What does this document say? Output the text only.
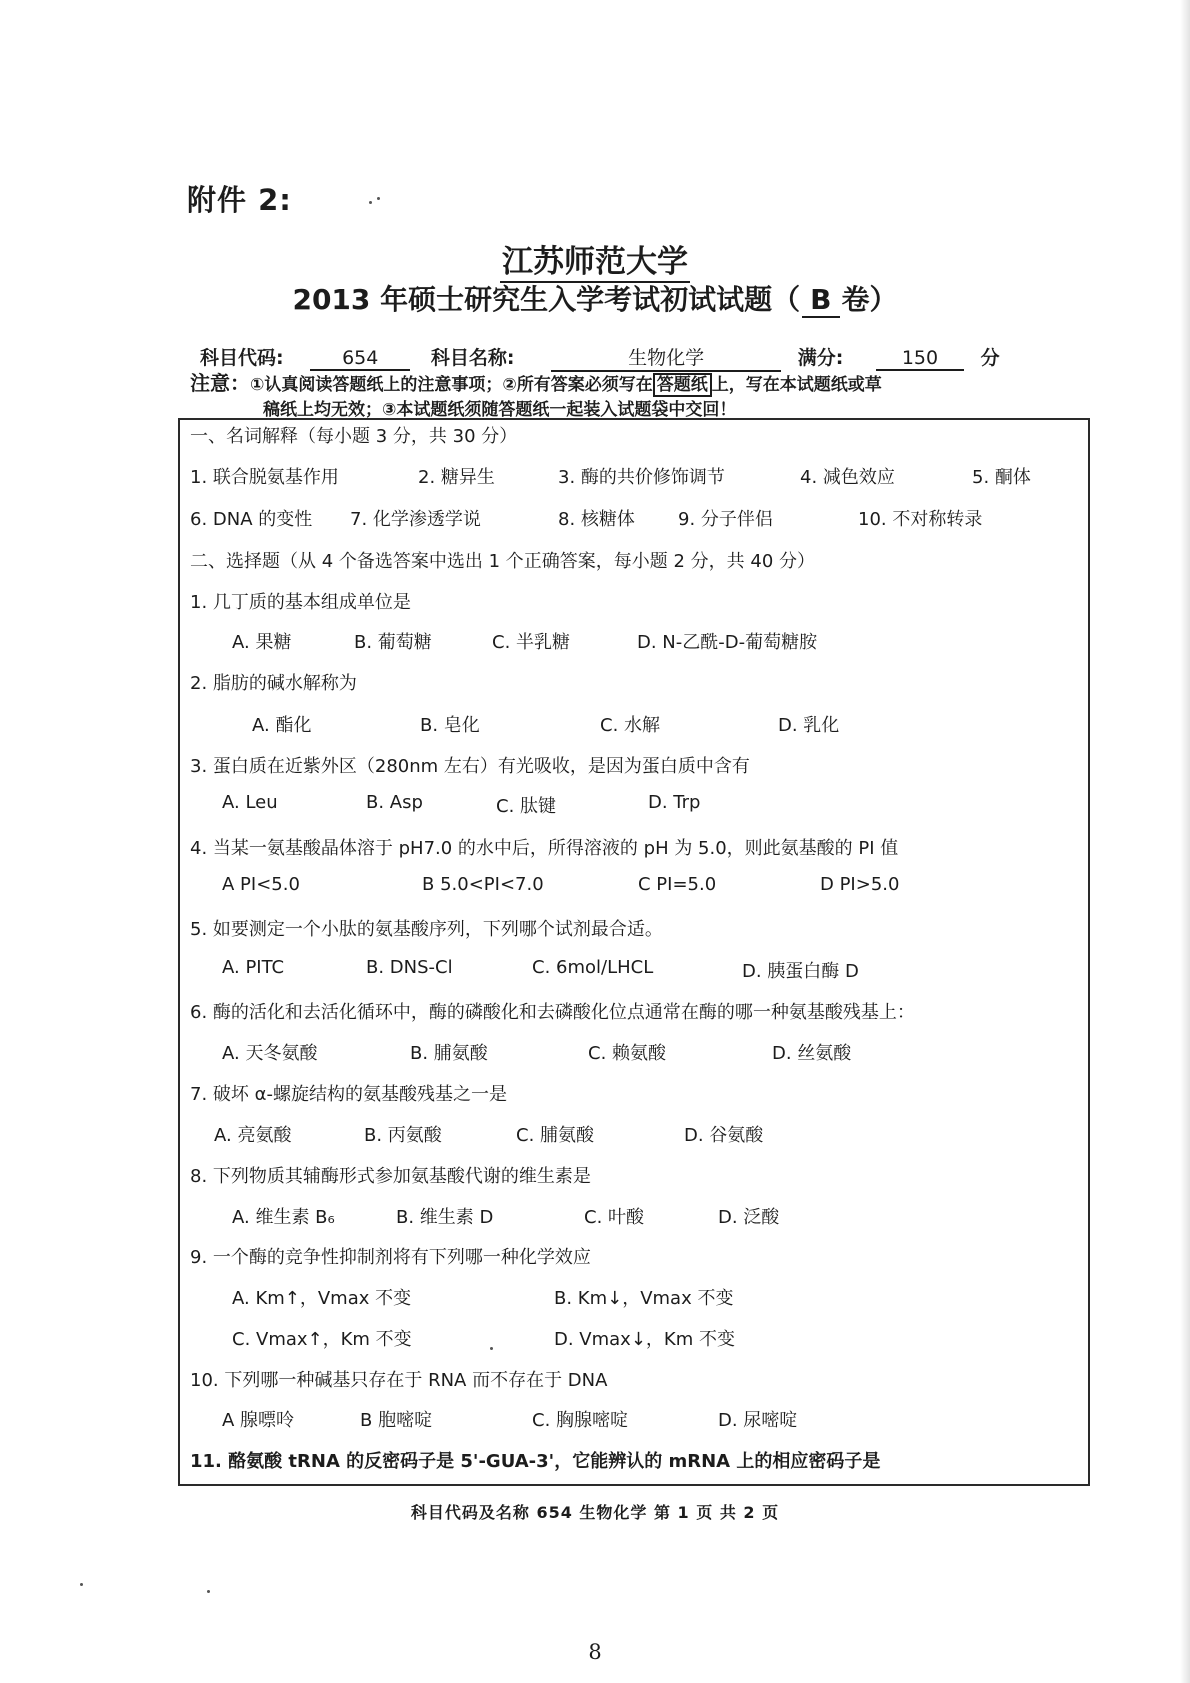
附件 2:
江苏师范大学
2013 年硕士研究生入学考试初试试题（ B 卷）
科目代码:	654	科目名称:	生物化学	满分:	150 分
注意：①认真阅读答题纸上的注意事项；②所有答案必须写在 答题纸 上，写在本试题纸或草
稿纸上均无效；③本试题纸须随答题纸一起装入试题袋中交回！
一、名词解释（每小题 3 分，共 30 分）
1. 联合脱氨基作用	2. 糖异生	3. 酶的共价修饰调节	4. 减色效应	5. 酮体
6. DNA 的变性 7. 化学渗透学说	8. 核糖体 9. 分子伴侣	10. 不对称转录
二、选择题（从 4 个备选答案中选出 1 个正确答案，每小题 2 分，共 40 分）
1. 几丁质的基本组成单位是
A. 果糖	B. 葡萄糖	C. 半乳糖	D. N-乙酰-D-葡萄糖胺
2. 脂肪的碱水解称为
A. 酯化	B. 皂化	C. 水解	D. 乳化
3. 蛋白质在近紫外区（280nm 左右）有光吸收，是因为蛋白质中含有
A. Leu	B. Asp	C. 肽键	D. Trp
4. 当某一氨基酸晶体溶于 pH7.0 的水中后，所得溶液的 pH 为 5.0，则此氨基酸的 PI 值
A PI<5.0	B 5.0<PI<7.0	C PI=5.0	D PI>5.0
5. 如要测定一个小肽的氨基酸序列，下列哪个试剂最合适。
A. PITC	B. DNS-Cl	C. 6mol/LHCL	D. 胰蛋白酶 D
6. 酶的活化和去活化循环中，酶的磷酸化和去磷酸化位点通常在酶的哪一种氨基酸残基上：
A. 天冬氨酸	B. 脯氨酸	C. 赖氨酸	D. 丝氨酸
7. 破坏 α-螺旋结构的氨基酸残基之一是
A. 亮氨酸	B. 丙氨酸	C. 脯氨酸	D. 谷氨酸
8. 下列物质其辅酶形式参加氨基酸代谢的维生素是
A. 维生素 B₆	B. 维生素 D	C. 叶酸	D. 泛酸
9. 一个酶的竞争性抑制剂将有下列哪一种化学效应
A. Km↑，Vmax 不变	B. Km↓，Vmax 不变
C. Vmax↑，Km 不变	D. Vmax↓，Km 不变
10. 下列哪一种碱基只存在于 RNA 而不存在于 DNA
A 腺嘌呤	B 胞嘧啶	C. 胸腺嘧啶	D. 尿嘧啶
11. 酪氨酸 tRNA 的反密码子是 5'-GUA-3'，它能辨认的 mRNA 上的相应密码子是
科目代码及名称 654 生物化学 第 1 页 共 2 页
8
